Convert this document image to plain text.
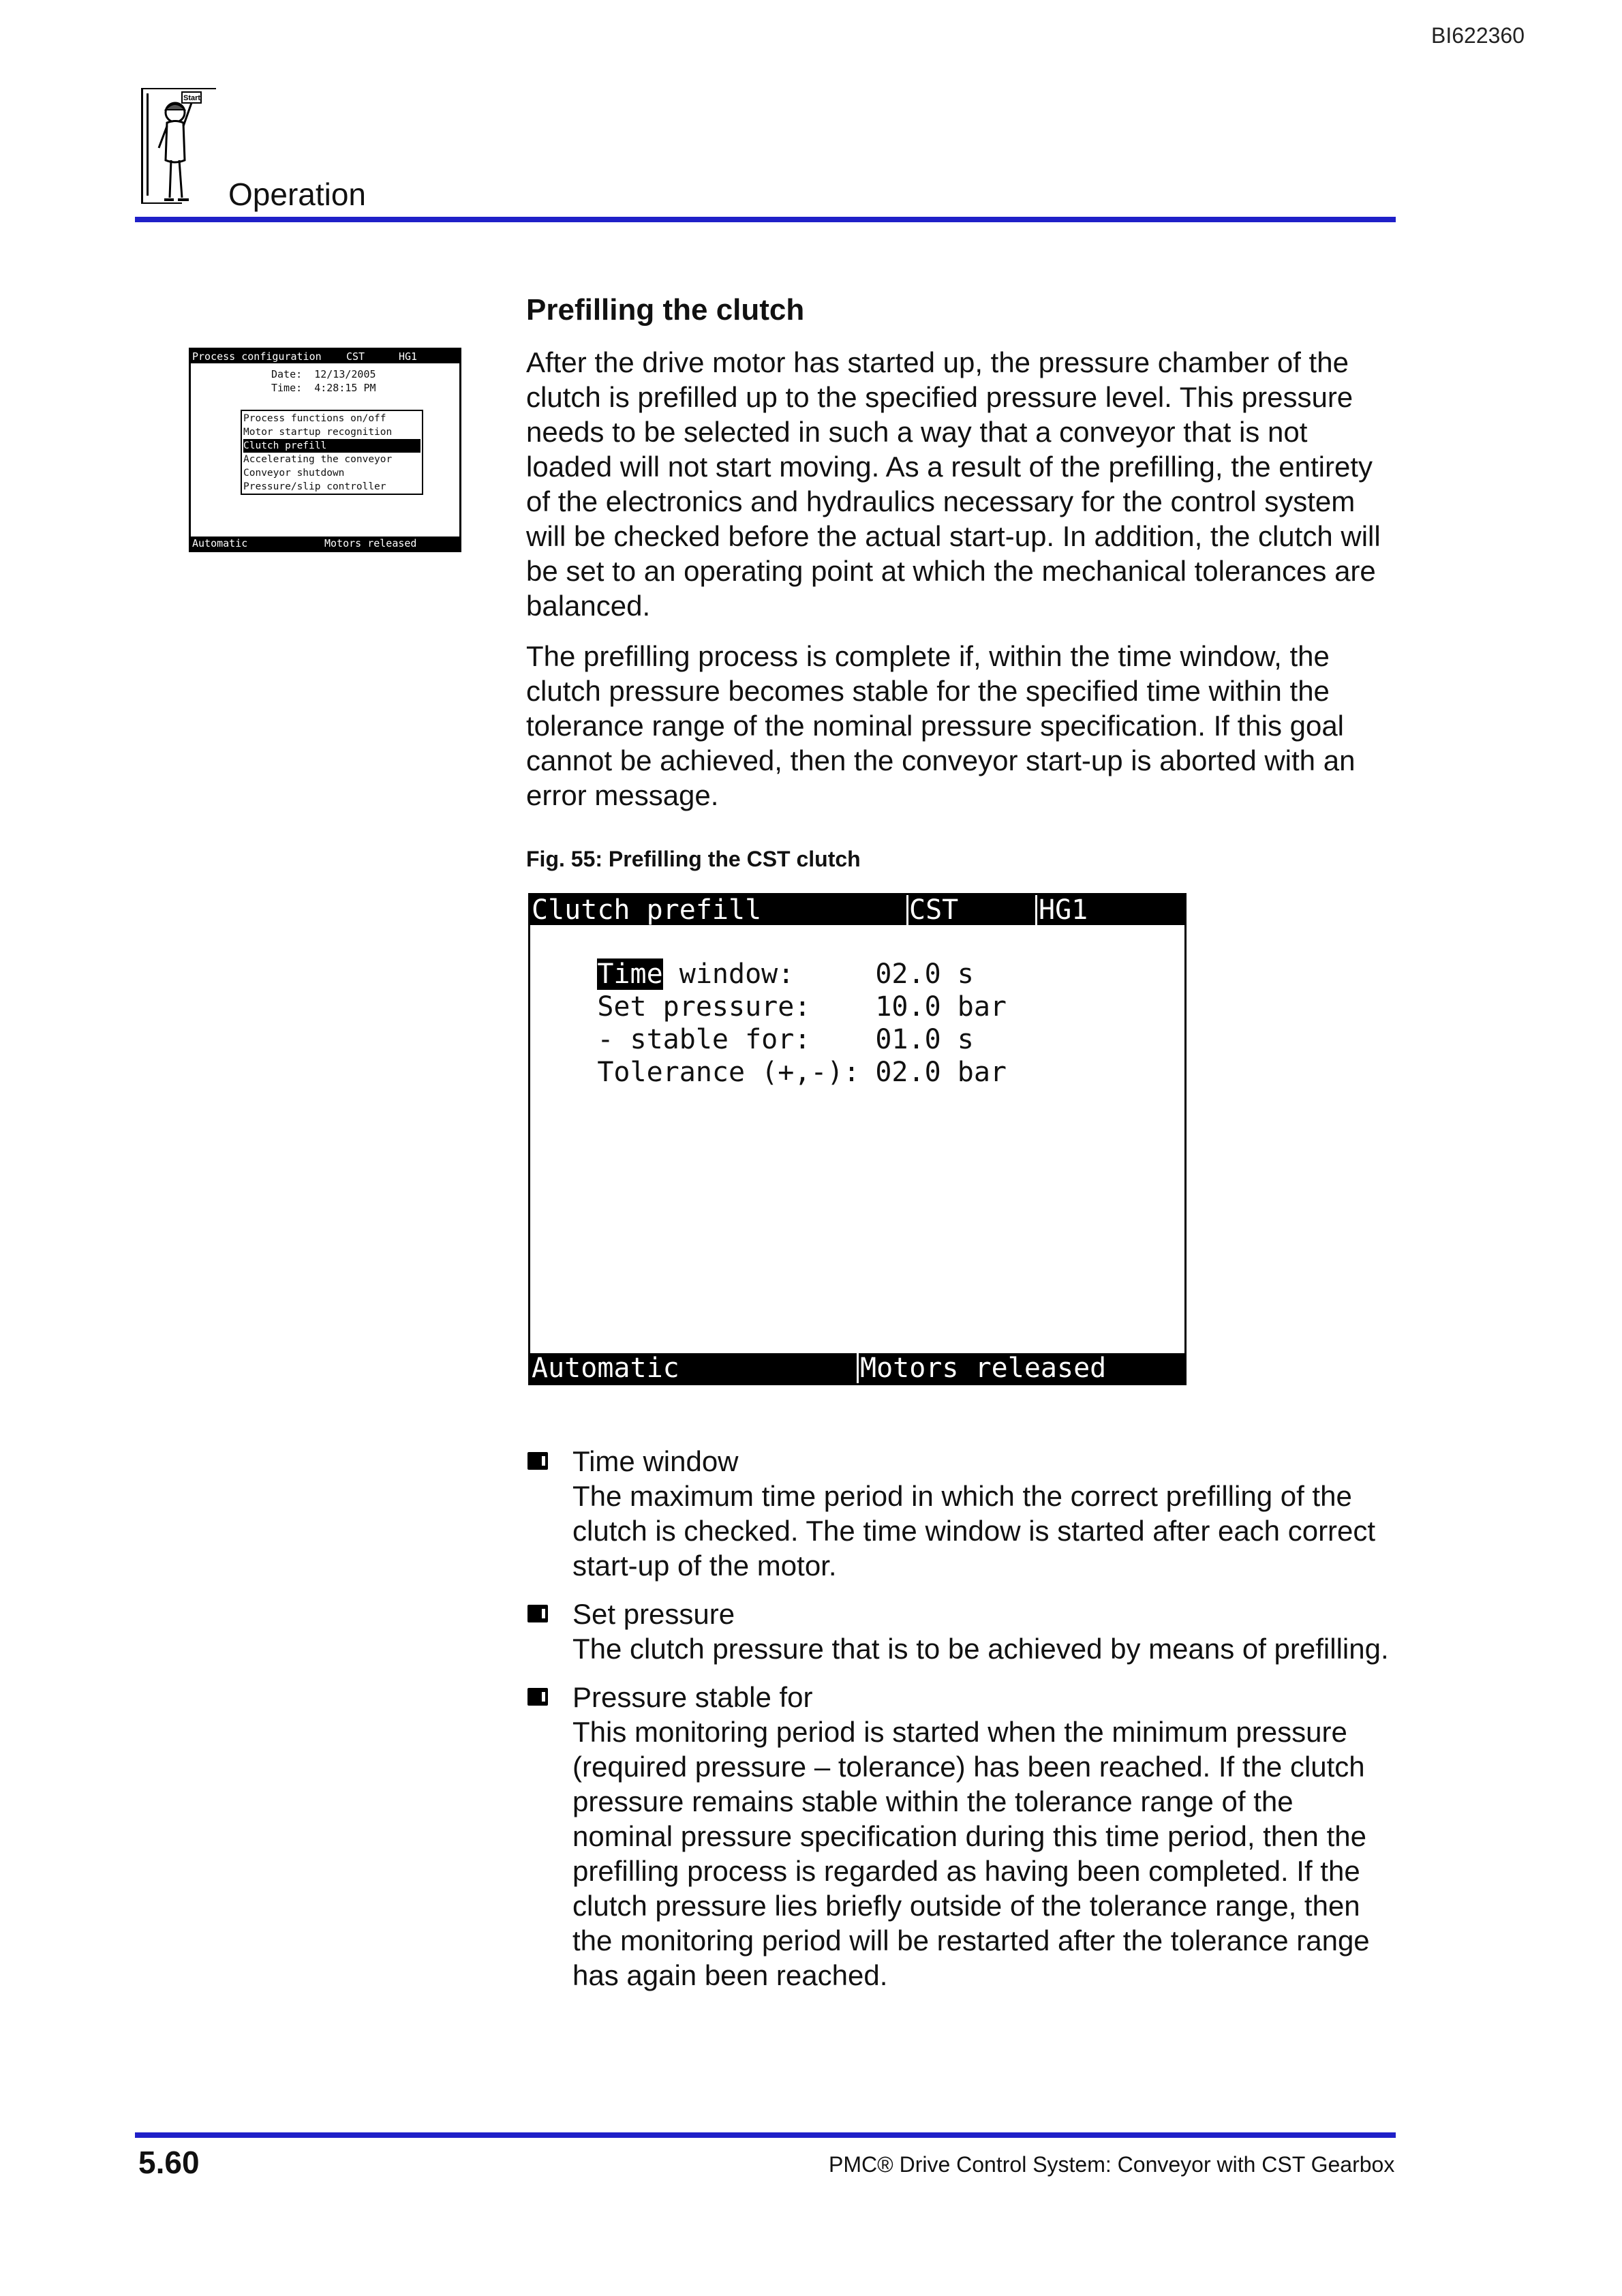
BI622360
Start
Operation

Process configuration

CST

	HG1

Date:  12/13/2005
Time:  4:28:15 PM
Process functions on/off
Motor startup recognition
Clutch prefill
Accelerating the conveyor
Conveyor shutdown
Pressure/slip controller

Automatic

	Motors released

Prefilling the clutch
After the drive motor has started up, the pressure chamber of the clutch is prefilled up to the specified pressure level. This pressure needs to be selected in such a way that a conveyor that is not loaded will not start moving. As a result of the prefilling, the entirety of the electronics and hydraulics necessary for the control system will be checked before the actual start-up. In addition, the clutch will be set to an operating point at which the mechanical tolerances are balanced.
The prefilling process is complete if, within the time window, the clutch pressure becomes stable for the specified time within the tolerance range of the nominal pressure specification. If this goal cannot be achieved, then the conveyor start-up is aborted with an error message.
Fig. 55: Prefilling the CST clutch
Clutch prefill	CST	HG1

Time window:	02.0 s

Set pressure: 10.0 bar

- stable for: 01.0 s

Tolerance (+,-): 02.0 bar

Automatic	Motors released
Time window
The maximum time period in which the correct prefilling of the clutch is checked. The time window is started after each correct start-up of the motor.
Set pressure
The clutch pressure that is to be achieved by means of prefilling.
Pressure stable for
This monitoring period is started when the minimum pressure (required pressure – tolerance) has been reached. If the clutch pressure remains stable within the tolerance range of the nominal pressure specification during this time period, then the prefilling process is regarded as having been completed. If the clutch pressure lies briefly outside of the tolerance range, then the monitoring period will be restarted after the tolerance range has again been reached.
5.60	PMC® Drive Control System: Conveyor with CST Gearbox
